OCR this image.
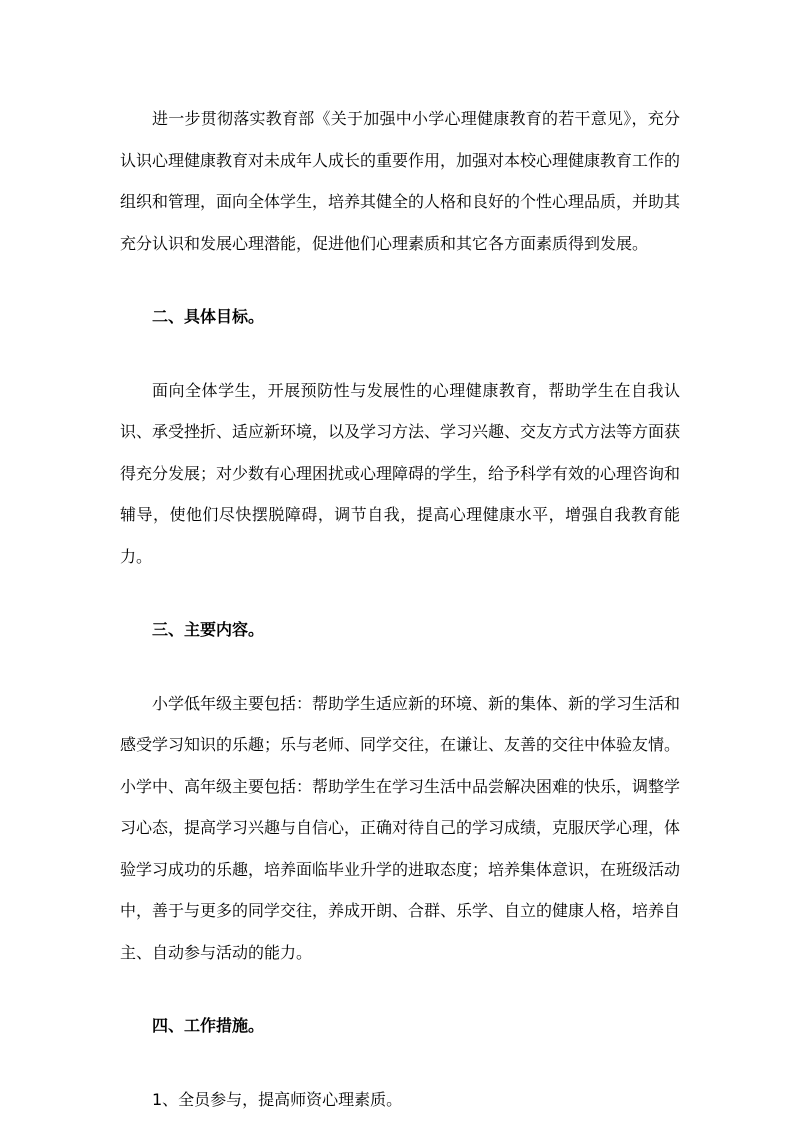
进一步贯彻落实教育部《关于加强中小学心理健康教育的若干意见》，充分认识心理健康教育对未成年人成长的重要作用，加强对本校心理健康教育工作的组织和管理，面向全体学生，培养其健全的人格和良好的个性心理品质，并助其充分认识和发展心理潜能，促进他们心理素质和其它各方面素质得到发展。

二、具体目标。

面向全体学生，开展预防性与发展性的心理健康教育，帮助学生在自我认识、承受挫折、适应新环境，以及学习方法、学习兴趣、交友方式方法等方面获得充分发展；对少数有心理困扰或心理障碍的学生，给予科学有效的心理咨询和辅导，使他们尽快摆脱障碍，调节自我，提高心理健康水平，增强自我教育能力。

三、主要内容。

小学低年级主要包括：帮助学生适应新的环境、新的集体、新的学习生活和感受学习知识的乐趣；乐与老师、同学交往，在谦让、友善的交往中体验友情。

小学中、高年级主要包括：帮助学生在学习生活中品尝解决困难的快乐，调整学习心态，提高学习兴趣与自信心，正确对待自己的学习成绩，克服厌学心理，体验学习成功的乐趣，培养面临毕业升学的进取态度；培养集体意识，在班级活动中，善于与更多的同学交往，养成开朗、合群、乐学、自立的健康人格，培养自主、自动参与活动的能力。

四、工作措施。

1、全员参与，提高师资心理素质。
